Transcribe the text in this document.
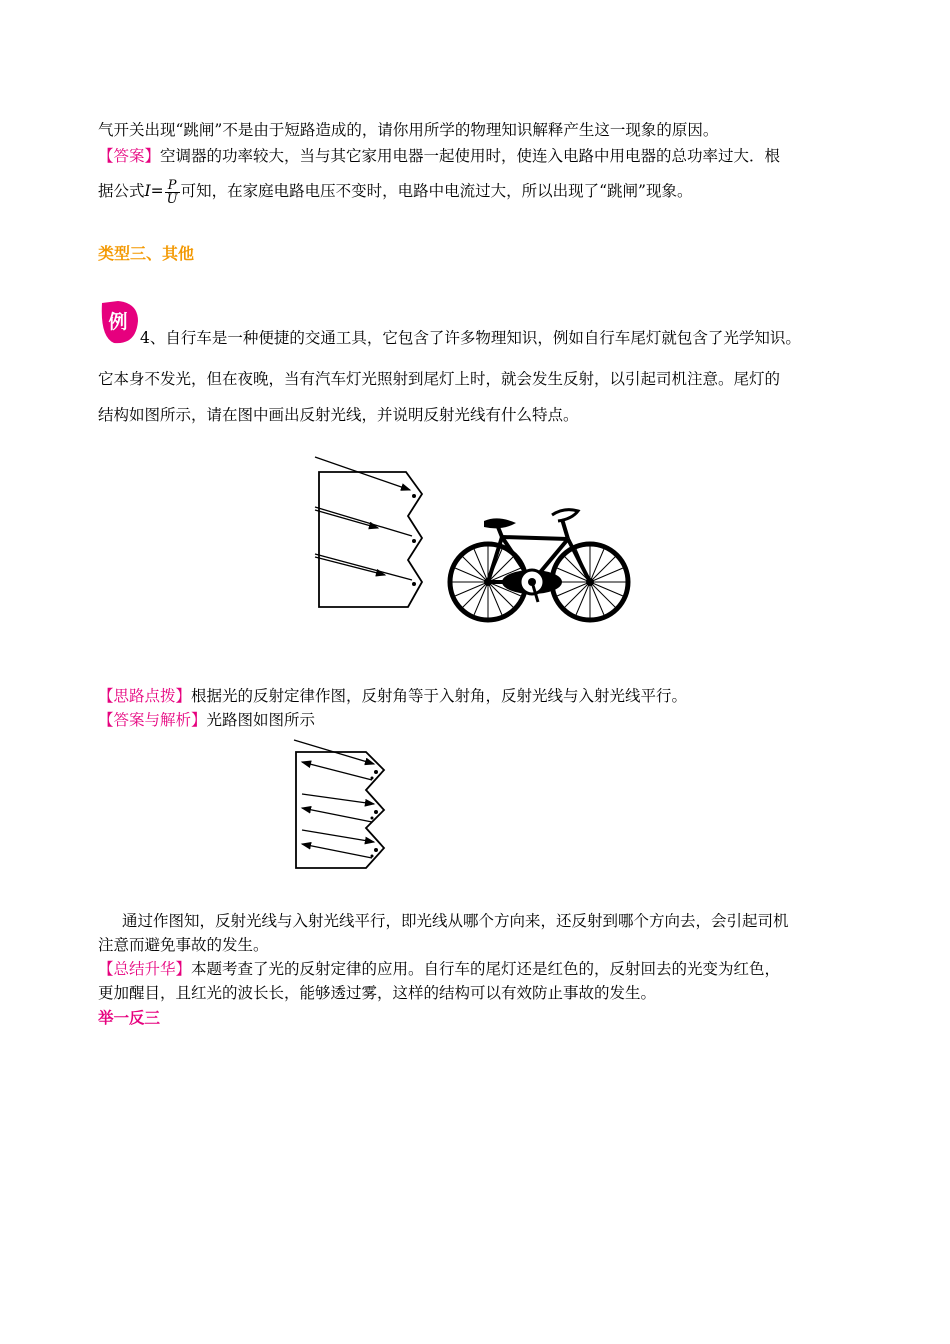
气开关出现“跳闸”不是由于短路造成的，请你用所学的物理知识解释产生这一现象的原因。
【答案】空调器的功率较大，当与其它家用电器一起使用时，使连入电路中用电器的总功率过大．根
据公式$I= \frac{P}{U}$ 可知，在家庭电路电压不变时，电路中电流过大，所以出现了“跳闸”现象。
类型三、其他
例
4、自行车是一种便捷的交通工具，它包含了许多物理知识，例如自行车尾灯就包含了光学知识。
它本身不发光，但在夜晚，当有汽车灯光照射到尾灯上时，就会发生反射，以引起司机注意。尾灯的
结构如图所示，请在图中画出反射光线，并说明反射光线有什么特点。
【思路点拨】根据光的反射定律作图，反射角等于入射角，反射光线与入射光线平行。
【答案与解析】光路图如图所示
通过作图知，反射光线与入射光线平行，即光线从哪个方向来，还反射到哪个方向去，会引起司机
注意而避免事故的发生。
【总结升华】本题考查了光的反射定律的应用。自行车的尾灯还是红色的，反射回去的光变为红色，
更加醒目，且红光的波长长，能够透过雾，这样的结构可以有效防止事故的发生。
举一反三
